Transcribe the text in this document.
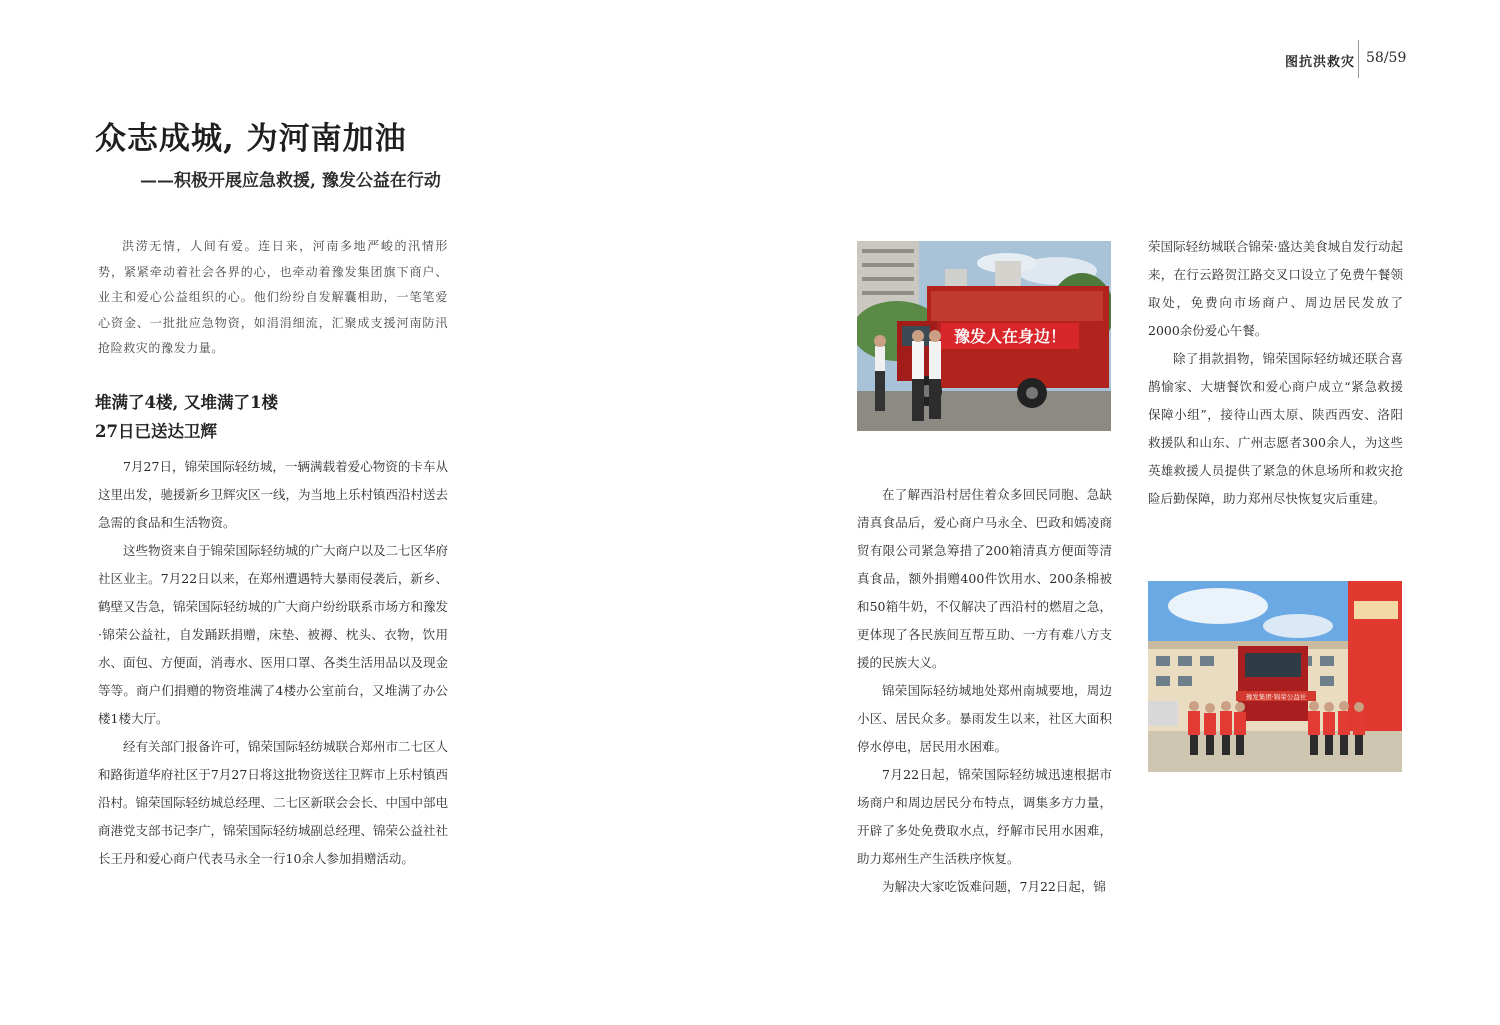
图抗洪救灾 58/59
众志成城, 为河南加油
——积极开展应急救援, 豫发公益在行动

洪涝无情，人间有爱。连日来，河南多地严峻的汛情形势，紧紧牵动着社会各界的心，也牵动着豫发集团旗下商户、业主和爱心公益组织的心。他们纷纷自发解囊相助，一笔笔爱心资金、一批批应急物资，如涓涓细流，汇聚成支援河南防汛抢险救灾的豫发力量。

堆满了4楼, 又堆满了1楼
27日已送达卫辉

7月27日，锦荣国际轻纺城，一辆满载着爱心物资的卡车从这里出发，驰援新乡卫辉灾区一线，为当地上乐村镇西沿村送去急需的食品和生活物资。

这些物资来自于锦荣国际轻纺城的广大商户以及二七区华府社区业主。7月22日以来，在郑州遭遇特大暴雨侵袭后，新乡、鹤壁又告急，锦荣国际轻纺城的广大商户纷纷联系市场方和豫发·锦荣公益社，自发踊跃捐赠，床垫、被褥、枕头、衣物，饮用水、面包、方便面，消毒水、医用口罩、各类生活用品以及现金等等。商户们捐赠的物资堆满了4楼办公室前台，又堆满了办公楼1楼大厅。

经有关部门报备许可，锦荣国际轻纺城联合郑州市二七区人和路街道华府社区于7月27日将这批物资送往卫辉市上乐村镇西沿村。锦荣国际轻纺城总经理、二七区新联会会长、中国中部电商港党支部书记李广，锦荣国际轻纺城副总经理、锦荣公益社社长王丹和爱心商户代表马永全一行10余人参加捐赠活动。

豫发人在身边！

在了解西沿村居住着众多回民同胞、急缺清真食品后，爱心商户马永全、巴政和嫣凌商贸有限公司紧急筹措了200箱清真方便面等清真食品，额外捐赠400件饮用水、200条棉被和50箱牛奶，不仅解决了西沿村的燃眉之急，更体现了各民族间互帮互助、一方有难八方支援的民族大义。

锦荣国际轻纺城地处郑州南城要地，周边小区、居民众多。暴雨发生以来，社区大面积停水停电，居民用水困难。

7月22日起，锦荣国际轻纺城迅速根据市场商户和周边居民分布特点，调集多方力量，开辟了多处免费取水点，纾解市民用水困难，助力郑州生产生活秩序恢复。

为解决大家吃饭难问题，7月22日起，锦

荣国际轻纺城联合锦荣·盛达美食城自发行动起来，在行云路贺江路交叉口设立了免费午餐领取处，免费向市场商户、周边居民发放了2000余份爱心午餐。

除了捐款捐物，锦荣国际轻纺城还联合喜鹊愉家、大塘餐饮和爱心商户成立“紧急救援保障小组”，接待山西太原、陕西西安、洛阳救援队和山东、广州志愿者300余人，为这些英雄救援人员提供了紧急的休息场所和救灾抢险后勤保障，助力郑州尽快恢复灾后重建。

豫发集团·锦荣公益社
